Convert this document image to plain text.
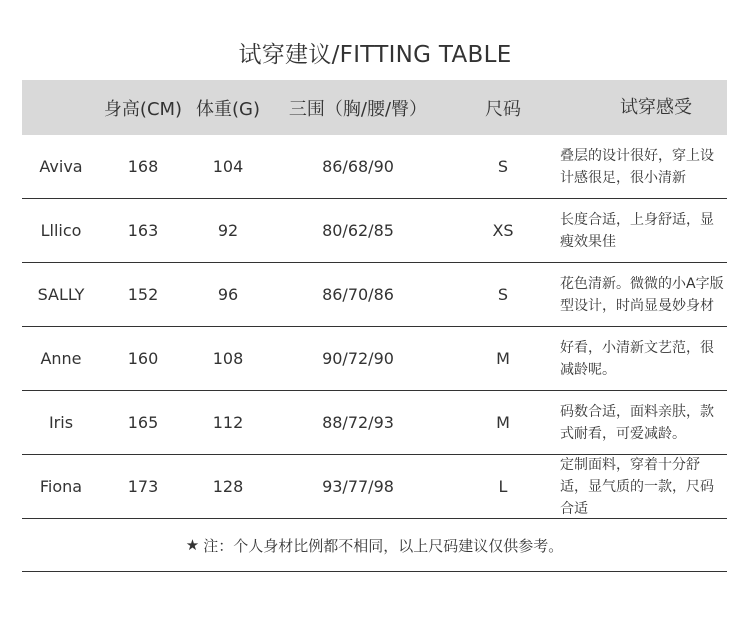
试穿建议/FITTING TABLE
身高(CM) 体重(G)	三围（胸/腰/臀）	尺码	试穿感受
Aviva	168	104	86/68/90	S
叠层的设计很好，穿上设计感很足，很小清新
Lllico	163	92	80/62/85	XS
长度合适，上身舒适，显瘦效果佳
SALLY	152	96	86/70/86	S
花色清新。微微的小A字版型设计，时尚显曼妙身材
Anne	160	108	90/72/90	M
好看，小清新文艺范，很减龄呢。
Iris	165	112	88/72/93	M
码数合适，面料亲肤，款式耐看，可爱减龄。
Fiona	173	128	93/77/98	L
定制面料，穿着十分舒适，显气质的一款，尺码合适
★ 注：个人身材比例都不相同，以上尺码建议仅供参考。
